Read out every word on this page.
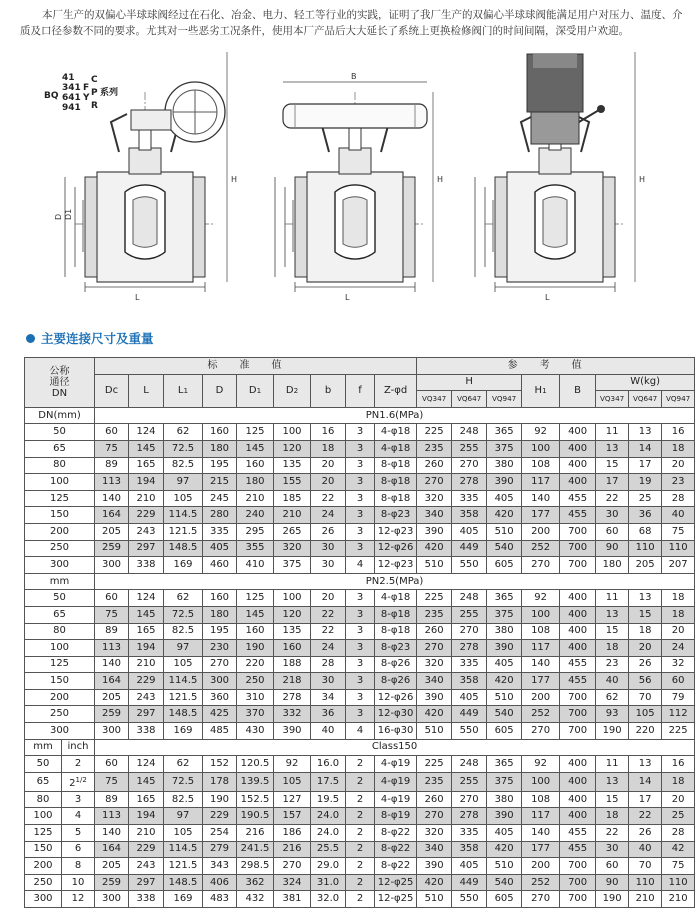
本厂生产的双偏心半球球阀经过在石化、冶金、电力、轻工等行业的实践，证明了我厂生产的双偏心半球球阀能满足用户对压力、温度、介质及口径参数不同的要求。尤其对一些恶劣工况条件，使用本厂产品后大大延长了系统上更换检修阀门的时间间隔，深受用户欢迎。
H
D D1
L
B
H
L
H
L
BQ
41
341
641
941
F
Y
C
P
R
系列
主要连接尺寸及重量
公称
通径
DN		标准值									参考值							
		Dc	L	L1	D	D1	D2	b	f	Z-φd	H			H1	B	W(kg)		
											VQ347	VQ647	VQ947			VQ347	VQ647	VQ947
DN(mm)		PN1.6(MPa)																
50		60	124	62	160	125	100	16	3	4-φ18	225	248	365	92	400	11	13	16
65		75	145	72.5	180	145	120	18	3	4-φ18	235	255	375	100	400	13	14	18
80		89	165	82.5	195	160	135	20	3	8-φ18	260	270	380	108	400	15	17	20
100		113	194	97	215	180	155	20	3	8-φ18	270	278	390	117	400	17	19	23
125		140	210	105	245	210	185	22	3	8-φ18	320	335	405	140	455	22	25	28
150		164	229	114.5	280	240	210	24	3	8-φ23	340	358	420	177	455	30	36	40
200		205	243	121.5	335	295	265	26	3	12-φ23	390	405	510	200	700	60	68	75
250		259	297	148.5	405	355	320	30	3	12-φ26	420	449	540	252	700	90	110	110
300		300	338	169	460	410	375	30	4	12-φ23	510	550	605	270	700	180	205	207
mm		PN2.5(MPa)																
50		60	124	62	160	125	100	20	3	4-φ18	225	248	365	92	400	11	13	18
65		75	145	72.5	180	145	120	22	3	8-φ18	235	255	375	100	400	13	15	18
80		89	165	82.5	195	160	135	22	3	8-φ18	260	270	380	108	400	15	18	20
100		113	194	97	230	190	160	24	3	8-φ23	270	278	390	117	400	18	20	24
125		140	210	105	270	220	188	28	3	8-φ26	320	335	405	140	455	23	26	32
150		164	229	114.5	300	250	218	30	3	8-φ26	340	358	420	177	455	40	56	60
200		205	243	121.5	360	310	278	34	3	12-φ26	390	405	510	200	700	62	70	79
250		259	297	148.5	425	370	332	36	3	12-φ30	420	449	540	252	700	93	105	112
300		300	338	169	485	430	390	40	4	16-φ30	510	550	605	270	700	190	220	225
mm	inch	Class150																
50	2	60	124	62	152	120.5	92	16.0	2	4-φ19	225	248	365	92	400	11	13	16
65	$2^{1/2}$	75	145	72.5	178	139.5	105	17.5	2	4-φ19	235	255	375	100	400	13	14	18
80	3	89	165	82.5	190	152.5	127	19.5	2	4-φ19	260	270	380	108	400	15	17	20
100	4	113	194	97	229	190.5	157	24.0	2	8-φ19	270	278	390	117	400	18	22	25
125	5	140	210	105	254	216	186	24.0	2	8-φ22	320	335	405	140	455	22	26	28
150	6	164	229	114.5	279	241.5	216	25.5	2	8-φ22	340	358	420	177	455	30	40	42
200	8	205	243	121.5	343	298.5	270	29.0	2	8-φ22	390	405	510	200	700	60	70	75
250	10	259	297	148.5	406	362	324	31.0	2	12-φ25	420	449	540	252	700	90	110	110
300	12	300	338	169	483	432	381	32.0	2	12-φ25	510	550	605	270	700	190	210	210
